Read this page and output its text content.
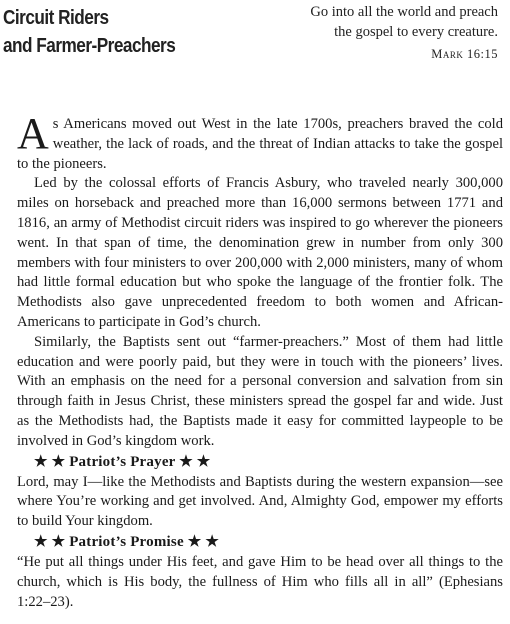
Circuit Riders
and Farmer-Preachers
Go into all the world and preach
the gospel to every creature.
Mark 16:15

As Americans moved out West in the late 1700s, preachers braved the cold weather, the lack of roads, and the threat of Indian attacks to take the gospel to the pioneers.

Led by the colossal efforts of Francis Asbury, who traveled nearly 300,000 miles on horseback and preached more than 16,000 sermons between 1771 and 1816, an army of Methodist circuit riders was inspired to go wherever the pioneers went. In that span of time, the denomination grew in number from only 300 members with four ministers to over 200,000 with 2,000 ministers, many of whom had little formal education but who spoke the language of the frontier folk. The Methodists also gave unprecedented freedom to both women and African-Americans to participate in God’s church.

Similarly, the Baptists sent out “farmer-preachers.” Most of them had little education and were poorly paid, but they were in touch with the pioneers’ lives. With an emphasis on the need for a personal conversion and salvation from sin through faith in Jesus Christ, these ministers spread the gospel far and wide. Just as the Methodists had, the Baptists made it easy for committed laypeople to be involved in God’s kingdom work.

★ ★ Patriot’s Prayer ★ ★

Lord, may I—like the Methodists and Baptists during the western expansion—see where You’re working and get involved. And, Almighty God, empower my efforts to build Your kingdom.

★ ★ Patriot’s Promise ★ ★

“He put all things under His feet, and gave Him to be head over all things to the church, which is His body, the fullness of Him who fills all in all” (Ephesians 1:22–23).
